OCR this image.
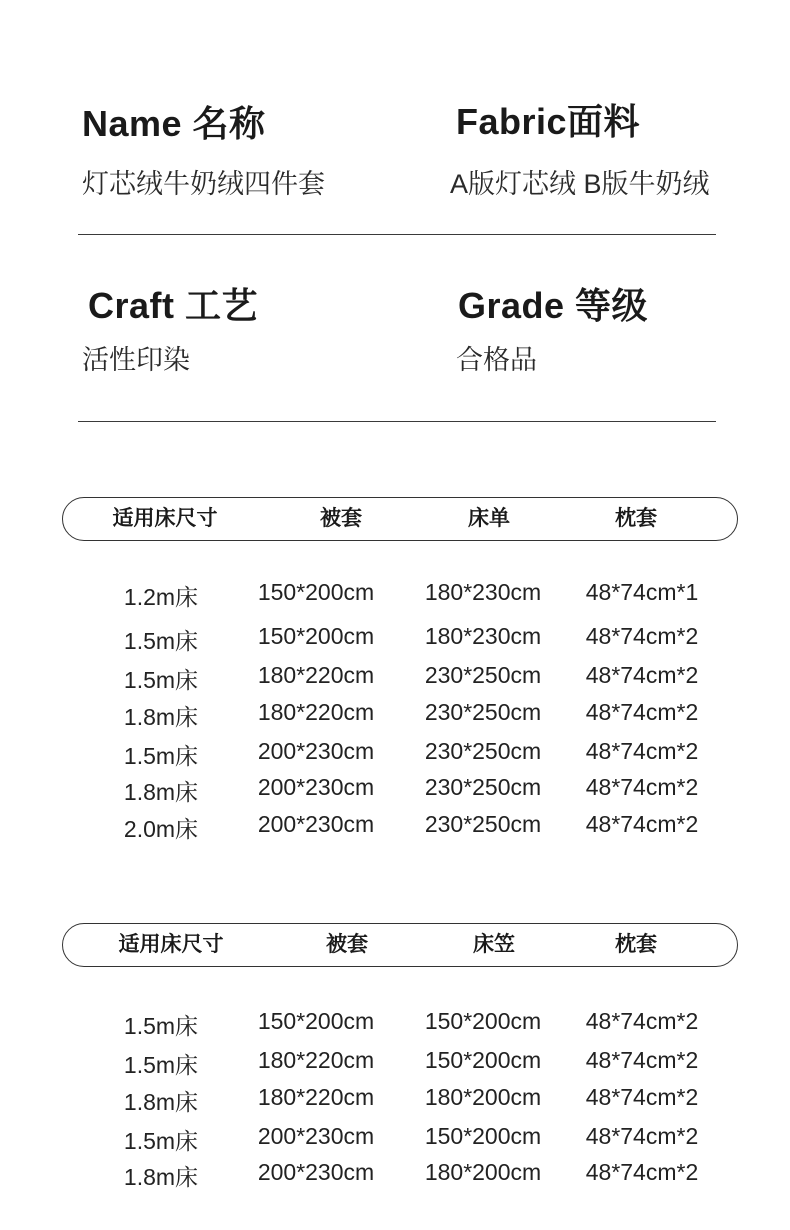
Name 名称
灯芯绒牛奶绒四件套
Fabric面料
A版灯芯绒 B版牛奶绒
Craft 工艺
活性印染
Grade 等级
合格品
适用床尺寸	被套	床单	枕套
1.2m床	150*200cm 180*230cm 48*74cm*1
1.5m床	150*200cm 180*230cm 48*74cm*2
1.5m床	180*220cm 230*250cm 48*74cm*2
1.8m床	180*220cm 230*250cm 48*74cm*2
1.5m床	200*230cm 230*250cm 48*74cm*2
1.8m床	200*230cm 230*250cm 48*74cm*2
2.0m床	200*230cm 230*250cm 48*74cm*2
适用床尺寸	被套	床笠	枕套
1.5m床	150*200cm 150*200cm 48*74cm*2
1.5m床	180*220cm 150*200cm 48*74cm*2
1.8m床	180*220cm 180*200cm 48*74cm*2
1.5m床	200*230cm 150*200cm 48*74cm*2
1.8m床	200*230cm 180*200cm 48*74cm*2
